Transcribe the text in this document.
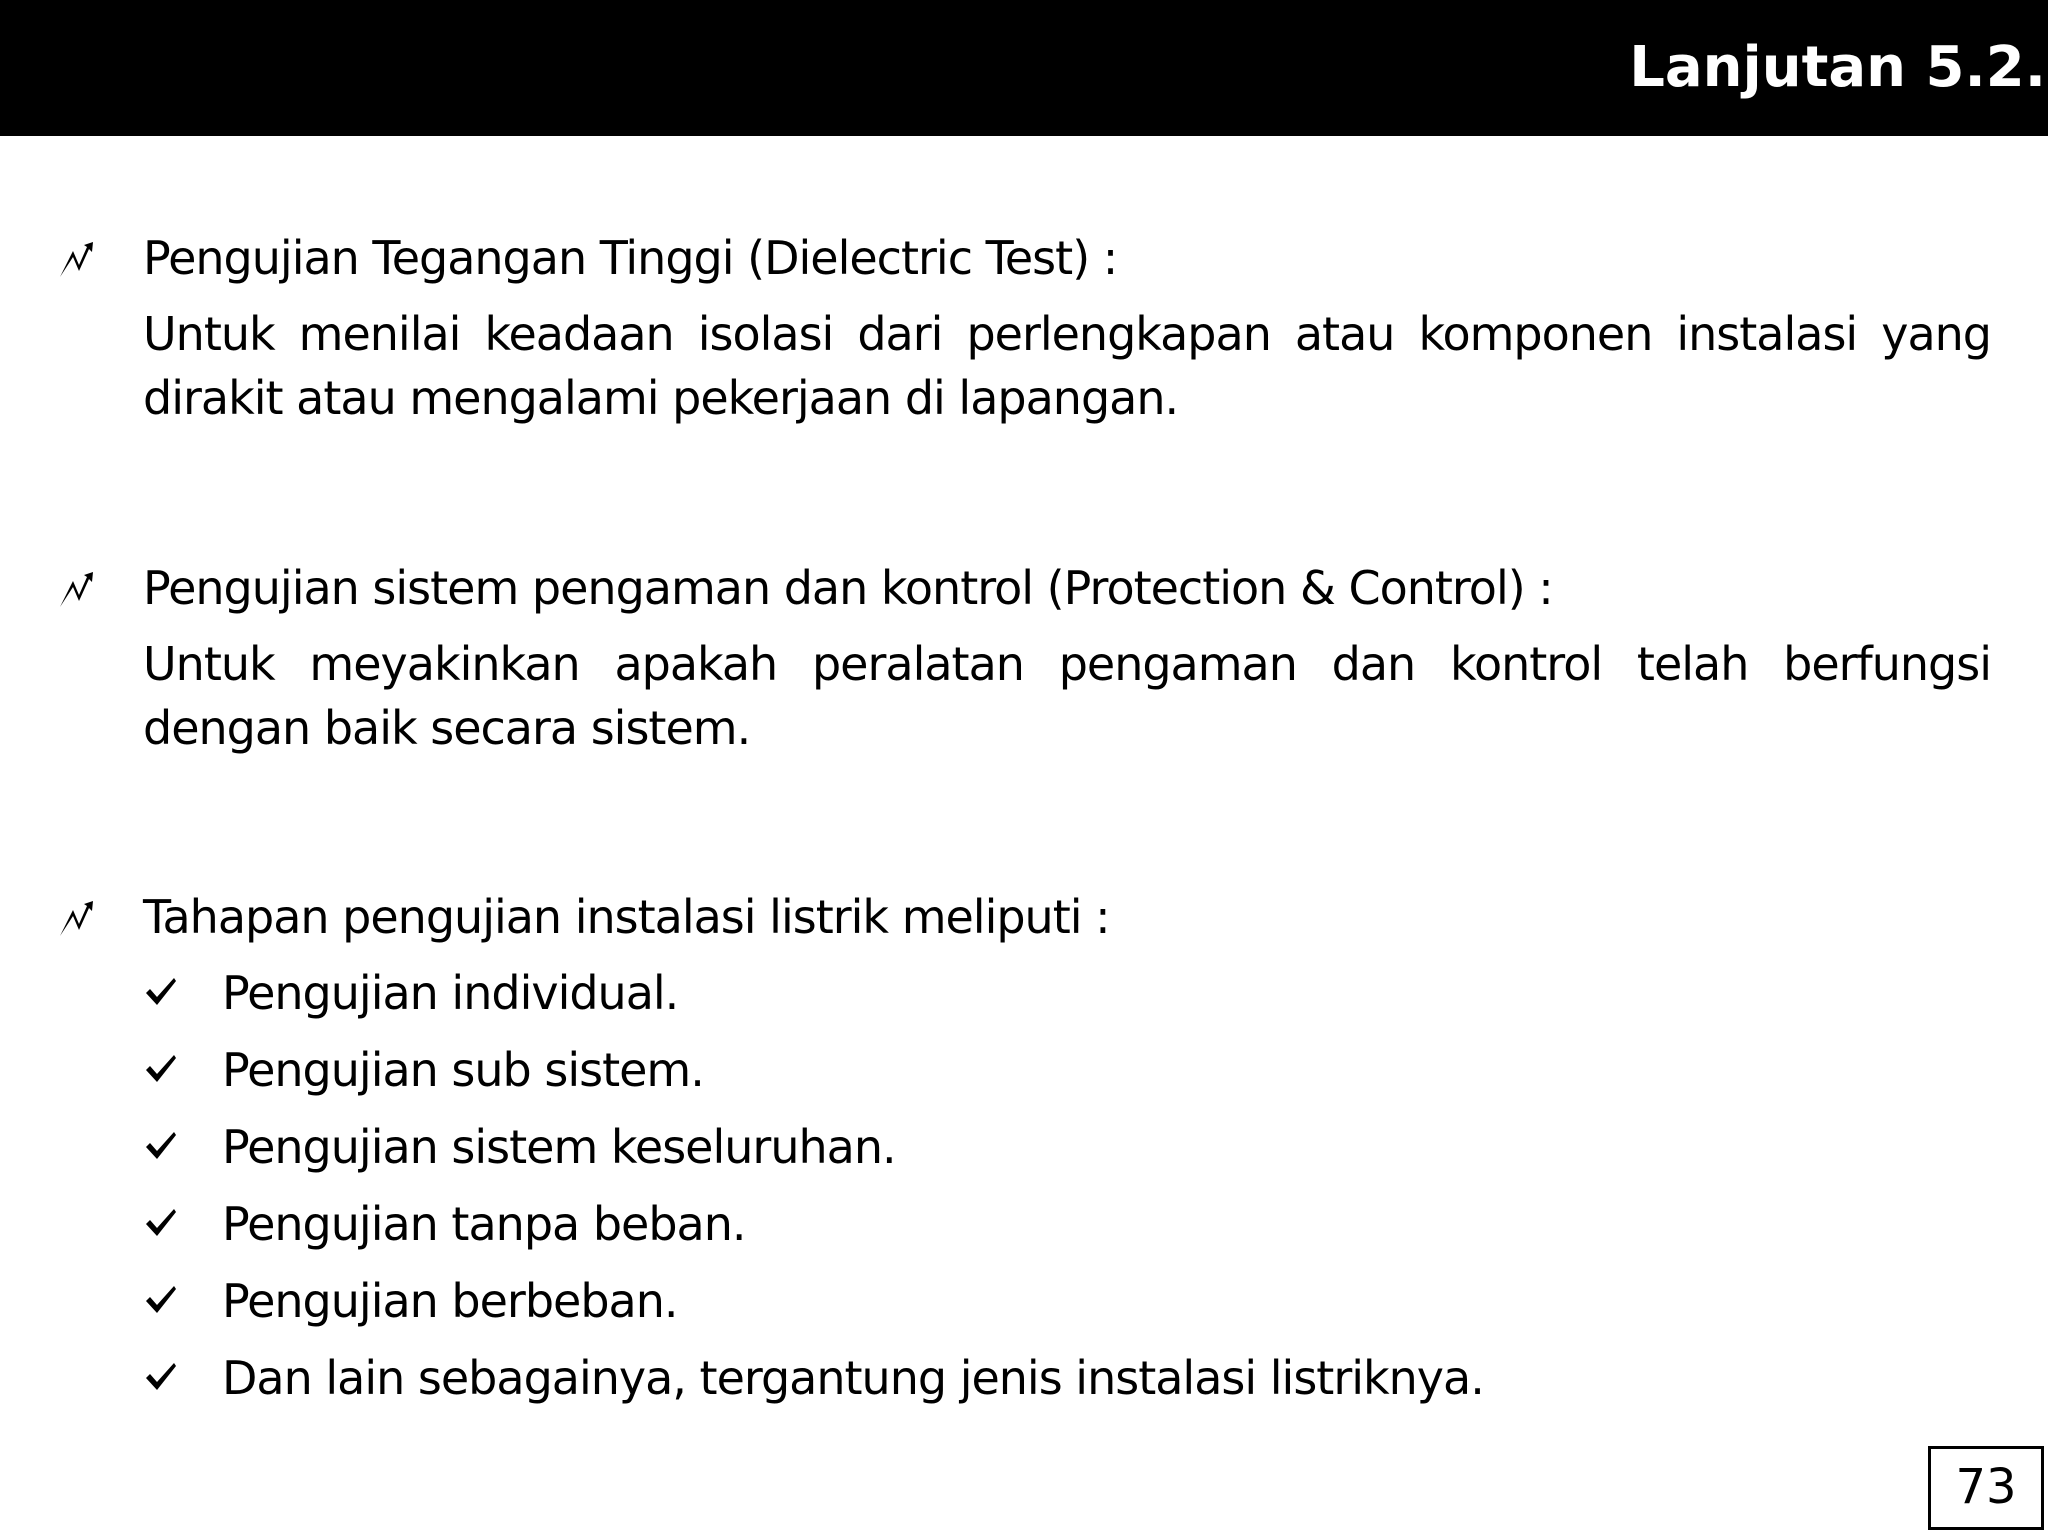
Lanjutan 5.2.
Pengujian Tegangan Tinggi (Dielectric Test) :
Untuk menilai keadaan isolasi dari perlengkapan atau komponen instalasi yang
dirakit atau mengalami pekerjaan di lapangan.
Pengujian sistem pengaman dan kontrol (Protection & Control) :
Untuk meyakinkan apakah peralatan pengaman dan kontrol telah berfungsi
dengan baik secara sistem.
Tahapan pengujian instalasi listrik meliputi :
Pengujian individual.
Pengujian sub sistem.
Pengujian sistem keseluruhan.
Pengujian tanpa beban.
Pengujian berbeban.
Dan lain sebagainya, tergantung jenis instalasi listriknya.
73
